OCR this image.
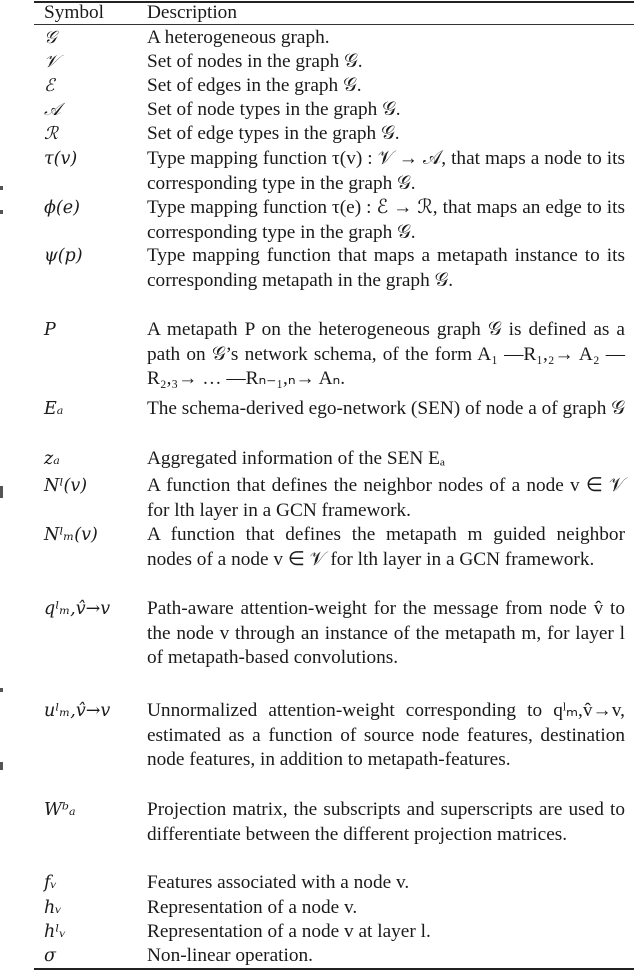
Symbol	Description
𝒢	A heterogeneous graph.
𝒱	Set of nodes in the graph 𝒢.
ℰ	Set of edges in the graph 𝒢.
𝒜	Set of node types in the graph 𝒢.
ℛ	Set of edge types in the graph 𝒢.
τ(v)	Type mapping function τ(v) : 𝒱 → 𝒜, that maps a node to its corresponding type in the graph 𝒢.
ϕ(e)	Type mapping function τ(e) : ℰ → ℛ, that maps an edge to its corresponding type in the graph 𝒢.
ψ(p)	Type mapping function that maps a metapath instance to its corresponding metapath in the graph 𝒢.
P	A metapath P on the heterogeneous graph 𝒢 is defined as a path on 𝒢’s network schema, of the form A₁ —R₁,₂→ A₂ —R₂,₃→ … —Rₙ₋₁,ₙ→ Aₙ.
Eₐ	The schema-derived ego-network (SEN) of node a of graph 𝒢
zₐ	Aggregated information of the SEN Eₐ
Nˡ(v)	A function that defines the neighbor nodes of a node v ∈ 𝒱 for lth layer in a GCN framework.
Nˡₘ(v)	A function that defines the metapath m guided neighbor nodes of a node v ∈ 𝒱 for lth layer in a GCN framework.
qˡₘ,v̂→v	Path-aware attention-weight for the message from node v̂ to the node v through an instance of the metapath m, for layer l of metapath-based convolutions.
uˡₘ,v̂→v	Unnormalized attention-weight corresponding to qˡₘ,v̂→v, estimated as a function of source node features, destination node features, in addition to metapath-features.
Wᵇₐ	Projection matrix, the subscripts and superscripts are used to differentiate between the different projection matrices.
fᵥ	Features associated with a node v.
hᵥ	Representation of a node v.
hˡᵥ	Representation of a node v at layer l.
σ	Non-linear operation.
